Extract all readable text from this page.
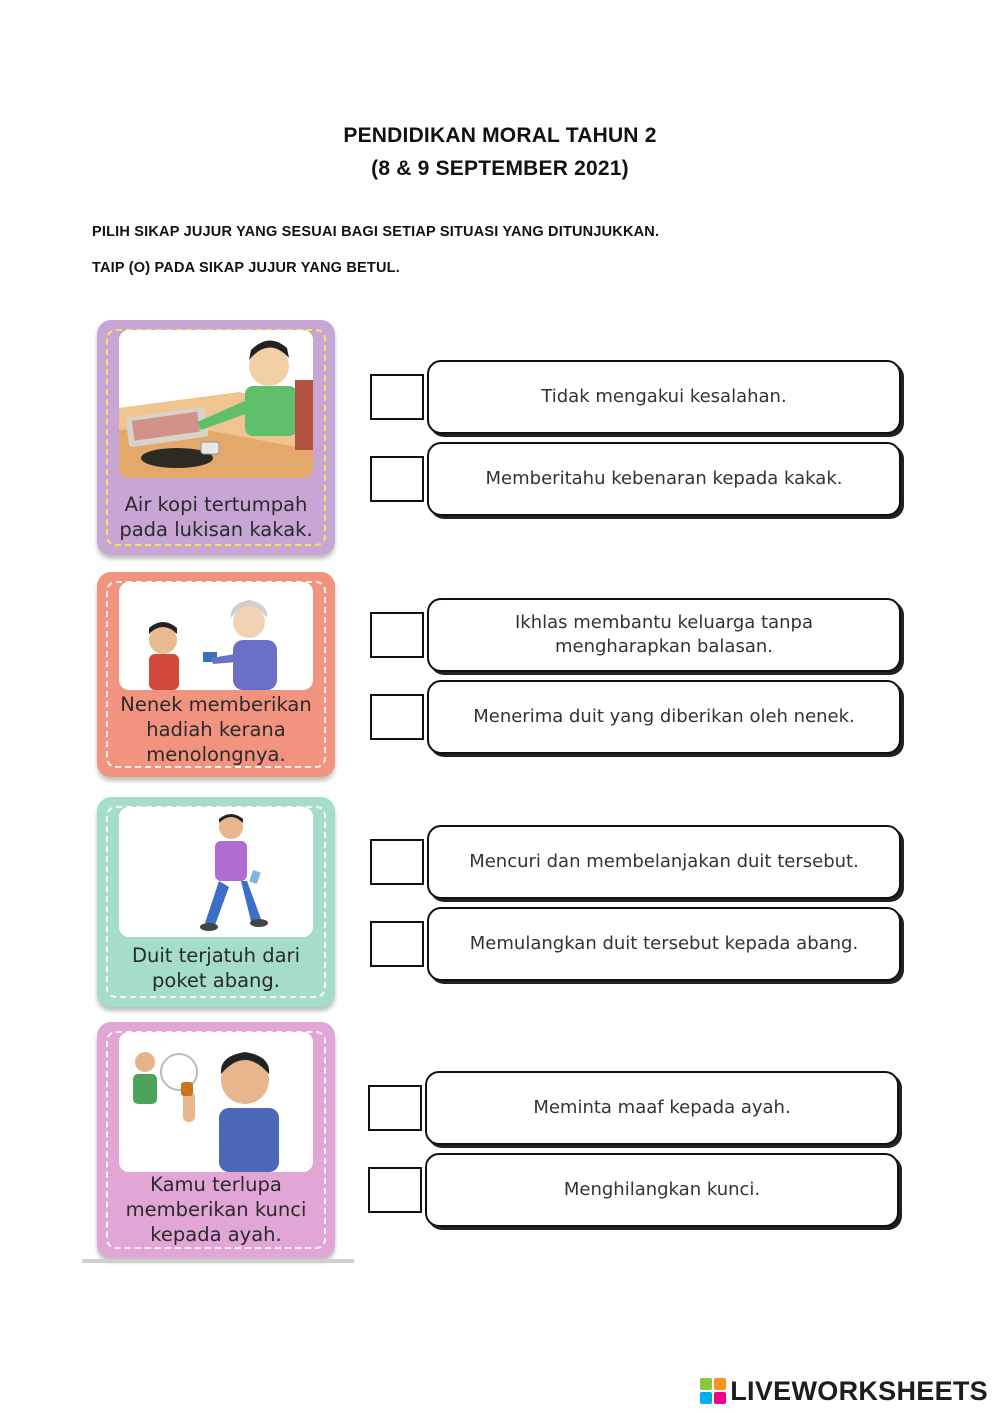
PENDIDIKAN MORAL TAHUN 2
(8 & 9 SEPTEMBER 2021)
PILIH SIKAP JUJUR YANG SESUAI BAGI SETIAP SITUASI YANG DITUNJUKKAN.
TAIP (O) PADA SIKAP JUJUR YANG BETUL.
Air kopi tertumpah
pada lukisan kakak.
Nenek memberikan
hadiah kerana
menolongnya.
Duit terjatuh dari
poket abang.
Kamu terlupa
memberikan kunci
kepada ayah.
Tidak mengakui kesalahan.
Memberitahu kebenaran kepada kakak.
Ikhlas membantu keluarga tanpa
mengharapkan balasan.
Menerima duit yang diberikan oleh nenek.
Mencuri dan membelanjakan duit tersebut.
Memulangkan duit tersebut kepada abang.
Meminta maaf kepada ayah.
Menghilangkan kunci.
LIVEWORKSHEETS
